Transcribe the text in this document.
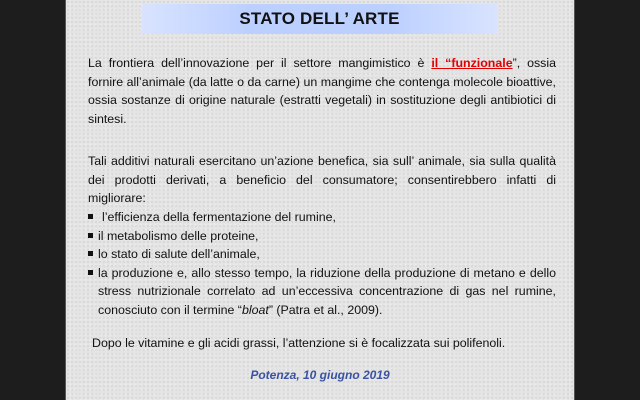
STATO DELL’ ARTE
La frontiera dell’innovazione per il settore mangimistico è il “funzionale”, ossia fornire all’animale (da latte o da carne) un mangime che contenga molecole bioattive, ossia sostanze di origine naturale (estratti vegetali) in sostituzione degli antibiotici di sintesi.
Tali additivi naturali esercitano un’azione benefica, sia sull’ animale, sia sulla qualità dei prodotti derivati, a beneficio del consumatore; consentirebbero infatti di migliorare:
l’efficienza della fermentazione del rumine,
il metabolismo delle proteine,
lo stato di salute dell’animale,
la produzione e, allo stesso tempo, la riduzione della produzione di metano e dello stress nutrizionale correlato ad un’eccessiva concentrazione di gas nel rumine, conosciuto con il termine “bloat” (Patra et al., 2009).
Dopo le vitamine e gli acidi grassi, l’attenzione si è focalizzata sui polifenoli.
Potenza, 10 giugno 2019
